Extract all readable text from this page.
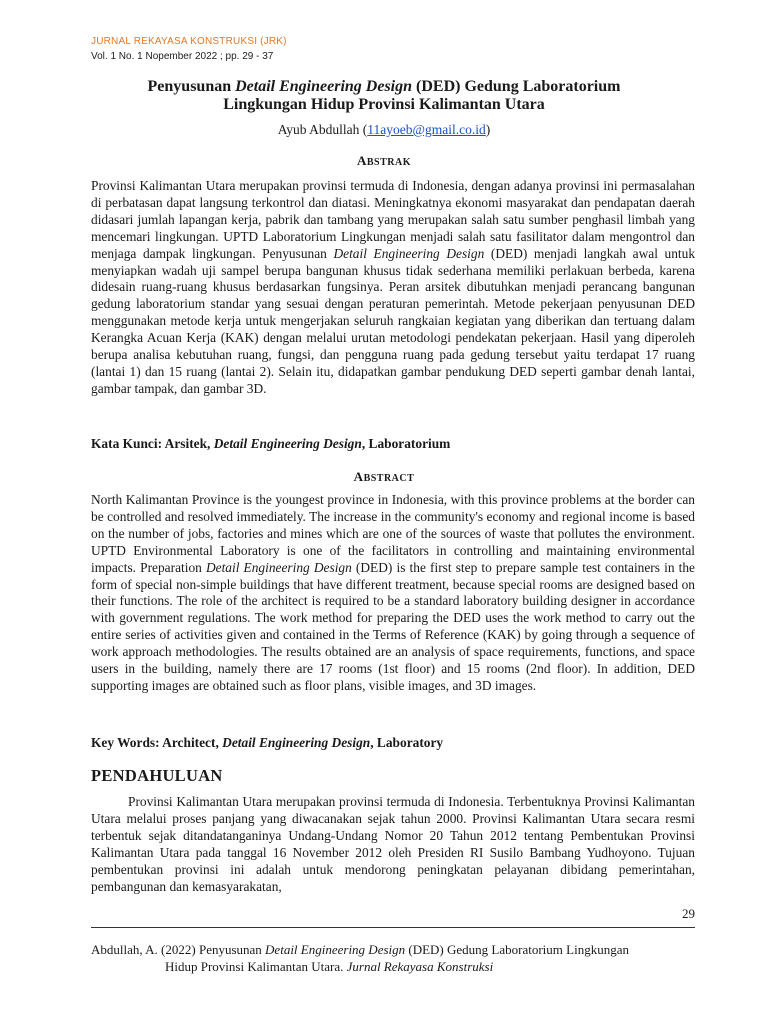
JURNAL REKAYASA KONSTRUKSI (JRK)
Vol. 1 No. 1 Nopember 2022 ; pp. 29 - 37
Penyusunan Detail Engineering Design (DED) Gedung Laboratorium
Lingkungan Hidup Provinsi Kalimantan Utara
Ayub Abdullah (11ayoeb@gmail.co.id)
ABSTRAK
Provinsi Kalimantan Utara merupakan provinsi termuda di Indonesia, dengan adanya provinsi ini permasalahan di perbatasan dapat langsung terkontrol dan diatasi. Meningkatnya ekonomi masyarakat dan pendapatan daerah didasari jumlah lapangan kerja, pabrik dan tambang yang merupakan salah satu sumber penghasil limbah yang mencemari lingkungan. UPTD Laboratorium Lingkungan menjadi salah satu fasilitator dalam mengontrol dan menjaga dampak lingkungan. Penyusunan Detail Engineering Design (DED) menjadi langkah awal untuk menyiapkan wadah uji sampel berupa bangunan khusus tidak sederhana memiliki perlakuan berbeda, karena didesain ruang-ruang khusus berdasarkan fungsinya. Peran arsitek dibutuhkan menjadi perancang bangunan gedung laboratorium standar yang sesuai dengan peraturan pemerintah. Metode pekerjaan penyusunan DED menggunakan metode kerja untuk mengerjakan seluruh rangkaian kegiatan yang diberikan dan tertuang dalam Kerangka Acuan Kerja (KAK) dengan melalui urutan metodologi pendekatan pekerjaan. Hasil yang diperoleh berupa analisa kebutuhan ruang, fungsi, dan pengguna ruang pada gedung tersebut yaitu terdapat 17 ruang (lantai 1) dan 15 ruang (lantai 2). Selain itu, didapatkan gambar pendukung DED seperti gambar denah lantai, gambar tampak, dan gambar 3D.
Kata Kunci: Arsitek, Detail Engineering Design, Laboratorium
ABSTRACT
North Kalimantan Province is the youngest province in Indonesia, with this province problems at the border can be controlled and resolved immediately. The increase in the community's economy and regional income is based on the number of jobs, factories and mines which are one of the sources of waste that pollutes the environment. UPTD Environmental Laboratory is one of the facilitators in controlling and maintaining environmental impacts. Preparation Detail Engineering Design (DED) is the first step to prepare sample test containers in the form of special non-simple buildings that have different treatment, because special rooms are designed based on their functions. The role of the architect is required to be a standard laboratory building designer in accordance with government regulations. The work method for preparing the DED uses the work method to carry out the entire series of activities given and contained in the Terms of Reference (KAK) by going through a sequence of work approach methodologies. The results obtained are an analysis of space requirements, functions, and space users in the building, namely there are 17 rooms (1st floor) and 15 rooms (2nd floor). In addition, DED supporting images are obtained such as floor plans, visible images, and 3D images.
Key Words: Architect, Detail Engineering Design, Laboratory
PENDAHULUAN
Provinsi Kalimantan Utara merupakan provinsi termuda di Indonesia. Terbentuknya Provinsi Kalimantan Utara melalui proses panjang yang diwacanakan sejak tahun 2000. Provinsi Kalimantan Utara secara resmi terbentuk sejak ditandatanganinya Undang-Undang Nomor 20 Tahun 2012 tentang Pembentukan Provinsi Kalimantan Utara pada tanggal 16 November 2012 oleh Presiden RI Susilo Bambang Yudhoyono. Tujuan pembentukan provinsi ini adalah untuk mendorong peningkatan pelayanan dibidang pemerintahan, pembangunan dan kemasyarakatan,
29
Abdullah, A. (2022) Penyusunan Detail Engineering Design (DED) Gedung Laboratorium Lingkungan
Hidup Provinsi Kalimantan Utara. Jurnal Rekayasa Konstruksi
